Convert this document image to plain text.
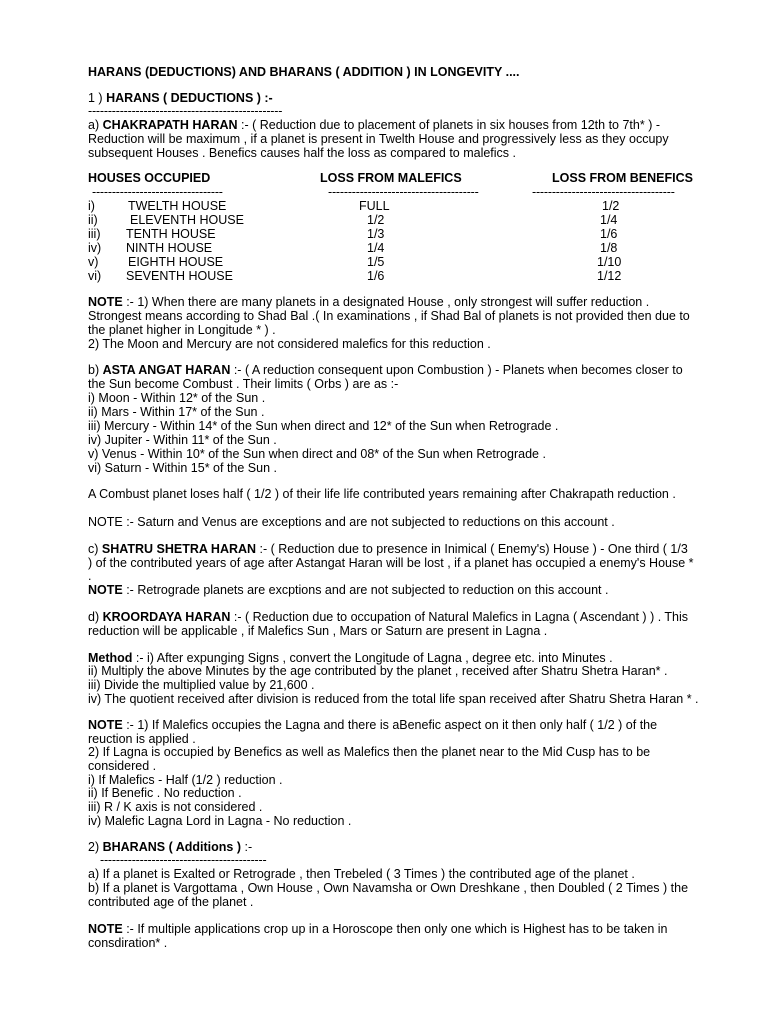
HARANS (DEDUCTIONS) AND BHARANS ( ADDITION ) IN LONGEVITY ....
1 ) HARANS ( DEDUCTIONS ) :-
-------------------------------------------------
a) CHAKRAPATH HARAN :- ( Reduction due to placement of planets in six houses from 12th to 7th* ) -
Reduction will be maximum , if a planet is present in Twelth House and progressively less as they occupy
subsequent Houses . Benefics causes half the loss as compared to malefics .
HOUSES OCCUPIED	LOSS FROM MALEFICS	LOSS FROM BENEFICS
---------------------------------	--------------------------------------	------------------------------------
i)	TWELTH HOUSE	FULL	1/2
ii)	ELEVENTH HOUSE	1/2	1/4
iii) TENTH HOUSE	1/3	1/6
iv) NINTH HOUSE	1/4	1/8
v) EIGHTH HOUSE	1/5	1/10
vi) SEVENTH HOUSE	1/6	1/12
NOTE :- 1) When there are many planets in a designated House , only strongest will suffer reduction .
Strongest means according to Shad Bal .( In examinations , if Shad Bal of planets is not provided then due to
the planet higher in Longitude * ) .
2) The Moon and Mercury are not considered malefics for this reduction .
b) ASTA ANGAT HARAN :- ( A reduction consequent upon Combustion ) - Planets when becomes closer to
the Sun become Combust . Their limits ( Orbs ) are as :-
i) Moon - Within 12* of the Sun .
ii) Mars - Within 17* of the Sun .
iii) Mercury - Within 14* of the Sun when direct and 12* of the Sun when Retrograde .
iv) Jupiter - Within 11* of the Sun .
v) Venus - Within 10* of the Sun when direct and 08* of the Sun when Retrograde .
vi) Saturn - Within 15* of the Sun .
A Combust planet loses half ( 1/2 ) of their life life contributed years remaining after Chakrapath reduction .
NOTE :- Saturn and Venus are exceptions and are not subjected to reductions on this account .
c) SHATRU SHETRA HARAN :- ( Reduction due to presence in Inimical ( Enemy's) House ) - One third ( 1/3
) of the contributed years of age after Astangat Haran will be lost , if a planet has occupied a enemy's House *
.
NOTE :- Retrograde planets are excptions and are not subjected to reduction on this account .
d) KROORDAYA HARAN :- ( Reduction due to occupation of Natural Malefics in Lagna ( Ascendant ) ) . This
reduction will be applicable , if Malefics Sun , Mars or Saturn are present in Lagna .
Method :- i) After expunging Signs , convert the Longitude of Lagna , degree etc. into Minutes .
ii) Multiply the above Minutes by the age contributed by the planet , received after Shatru Shetra Haran* .
iii) Divide the multiplied value by 21,600 .
iv) The quotient received after division is reduced from the total life span received after Shatru Shetra Haran * .
NOTE :- 1) If Malefics occupies the Lagna and there is aBenefic aspect on it then only half ( 1/2 ) of the
reuction is applied .
2) If Lagna is occupied by Benefics as well as Malefics then the planet near to the Mid Cusp has to be
considered .
i) If Malefics - Half (1/2 ) reduction .
ii) If Benefic . No reduction .
iii) R / K axis is not considered .
iv) Malefic Lagna Lord in Lagna - No reduction .
2) BHARANS ( Additions ) :-
------------------------------------------
a) If a planet is Exalted or Retrograde , then Trebeled ( 3 Times ) the contributed age of the planet .
b) If a planet is Vargottama , Own House , Own Navamsha or Own Dreshkane , then Doubled ( 2 Times ) the
contributed age of the planet .
NOTE :- If multiple applications crop up in a Horoscope then only one which is Highest has to be taken in
consdiration* .
